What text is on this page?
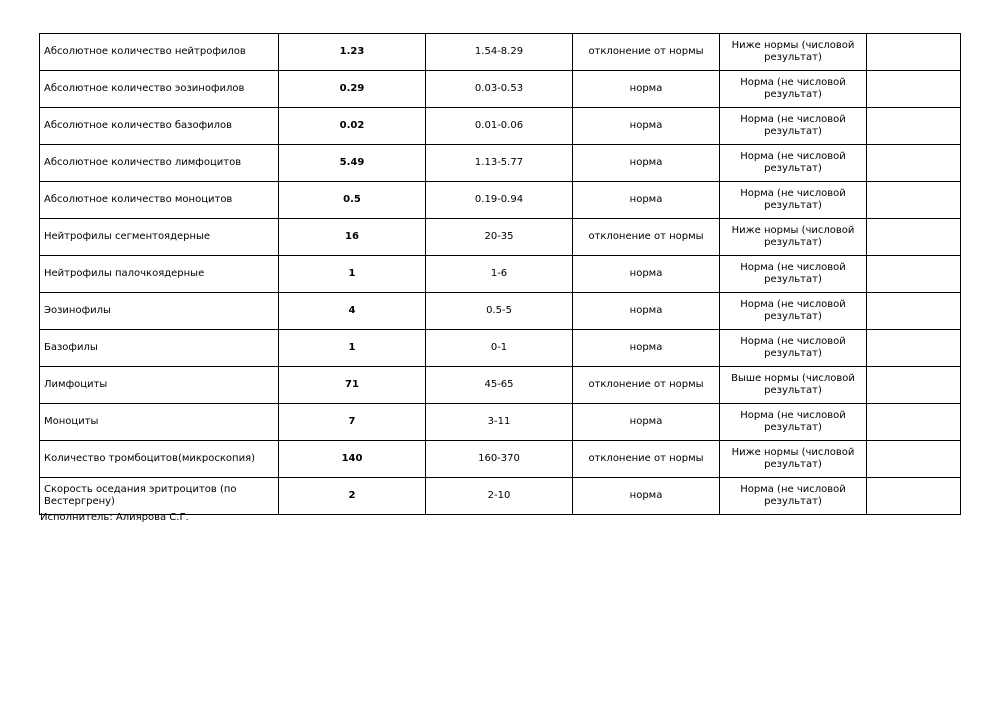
Абсолютное количество нейтрофилов	1.23	1.54-8.29	отклонение от нормы	Ниже нормы (числовой результат)	
Абсолютное количество эозинофилов	0.29	0.03-0.53	норма	Норма (не числовой результат)	
Абсолютное количество базофилов	0.02	0.01-0.06	норма	Норма (не числовой результат)	
Абсолютное количество лимфоцитов	5.49	1.13-5.77	норма	Норма (не числовой результат)	
Абсолютное количество моноцитов	0.5	0.19-0.94	норма	Норма (не числовой результат)	
Нейтрофилы сегментоядерные	16	20-35	отклонение от нормы	Ниже нормы (числовой результат)	
Нейтрофилы палочкоядерные	1	1-6	норма	Норма (не числовой результат)	
Эозинофилы	4	0.5-5	норма	Норма (не числовой результат)	
Базофилы	1	0-1	норма	Норма (не числовой результат)	
Лимфоциты	71	45-65	отклонение от нормы	Выше нормы (числовой результат)	
Моноциты	7	3-11	норма	Норма (не числовой результат)	
Количество тромбоцитов(микроскопия)	140	160-370	отклонение от нормы	Ниже нормы (числовой результат)	
Скорость оседания эритроцитов (по Вестергрену)	2	2-10	норма	Норма (не числовой результат)	
Исполнитель: Алиярова С.Г.
